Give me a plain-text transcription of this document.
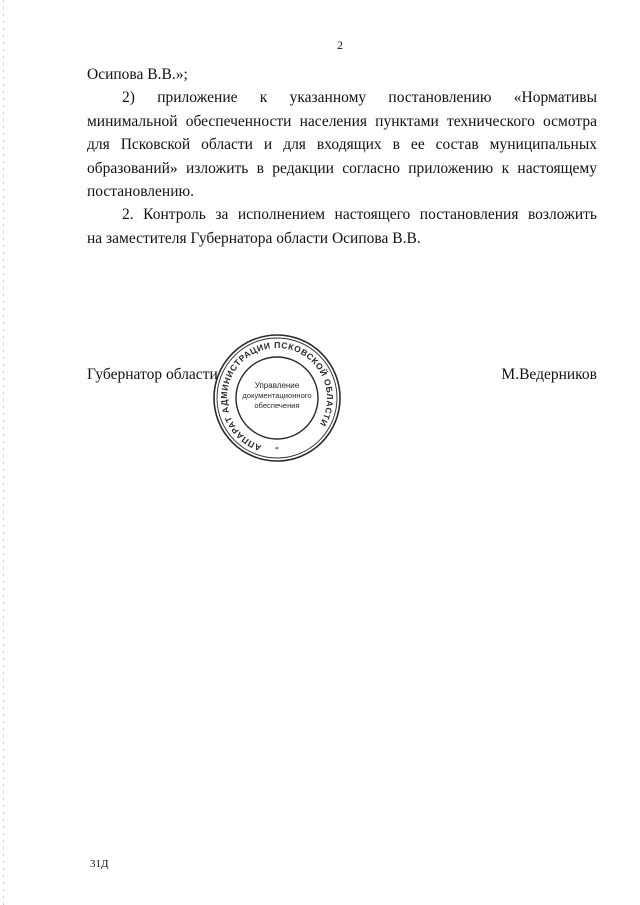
2
Осипова В.В.»;
2) приложение к указанному постановлению «Нормативы
минимальной обеспеченности населения пунктами технического осмотра
для Псковской области и для входящих в ее состав муниципальных
образований» изложить в редакции согласно приложению к настоящему
постановлению.
2. Контроль за исполнением настоящего постановления возложить
на заместителя Губернатора области Осипова В.В.
Губернатор области	М.Ведерников
АППАРАТ АДМИНИСТРАЦИИ ПСКОВСКОЙ ОБЛАСТИ
Управление
документационного
обеспечения
*
31Д
